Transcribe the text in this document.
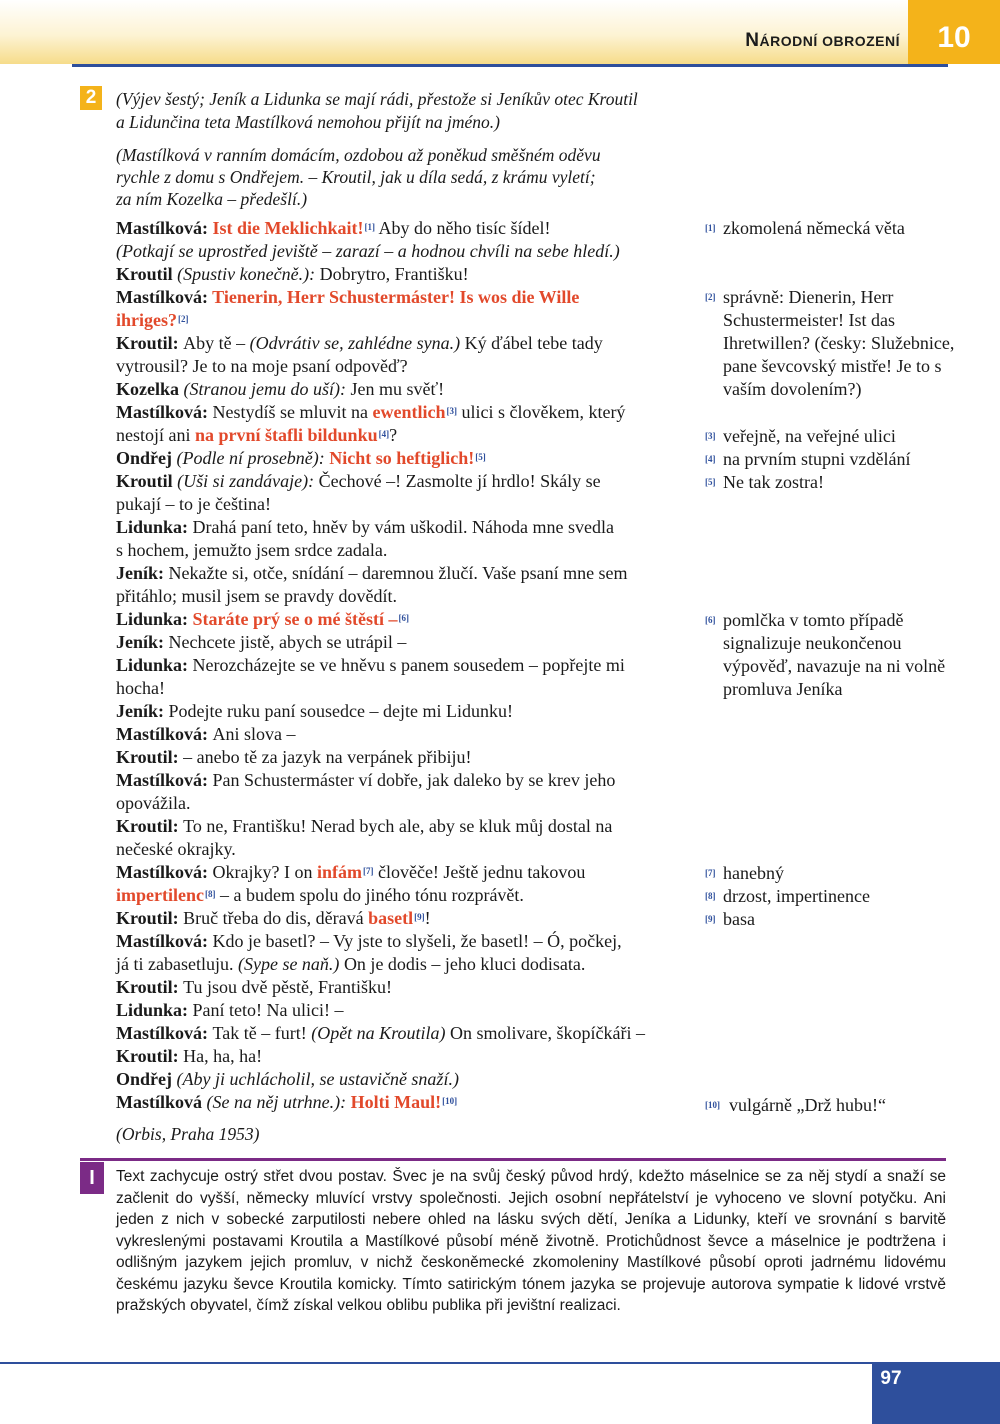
NÁRODNÍ OBROZENÍ	10
2	(Výjev šestý; Jeník a Lidunka se mají rádi, přestože si Jeníkův otec Kroutil
a Lidunčina teta Mastílková nemohou přijít na jméno.)
(Mastílková v ranním domácím, ozdobou až poněkud směšném oděvu
rychle z domu s Ondřejem. – Kroutil, jak u díla sedá, z krámu vyletí;
za ním Kozelka – předešlí.)
Mastílková: Ist die Meklichkait![1] Aby do něho tisíc šídel!
(Potkají se uprostřed jeviště – zarazí – a hodnou chvíli na sebe hledí.)
Kroutil (Spustiv konečně.): Dobrytro, Františku!
Mastílková: Tienerin, Herr Schustermáster! Is wos die Wille
ihriges?[2]
Kroutil: Aby tě – (Odvrátiv se, zahlédne syna.) Ký ďábel tebe tady
vytrousil? Je to na moje psaní odpověď?
Kozelka (Stranou jemu do uší): Jen mu svěť!
Mastílková: Nestydíš se mluvit na ewentlich[3] ulici s člověkem, který
nestojí ani na první štafli bildunku[4]?
Ondřej (Podle ní prosebně): Nicht so heftiglich![5]
Kroutil (Uši si zandávaje): Čechové –! Zasmolte jí hrdlo! Skály se
pukají – to je čeština!
Lidunka: Drahá paní teto, hněv by vám uškodil. Náhoda mne svedla
s hochem, jemužto jsem srdce zadala.
Jeník: Nekažte si, otče, snídání – daremnou žlučí. Vaše psaní mne sem
přitáhlo; musil jsem se pravdy dovědít.
Lidunka: Staráte prý se o mé štěstí –[6]
Jeník: Nechcete jistě, abych se utrápil –
Lidunka: Nerozcházejte se ve hněvu s panem sousedem – popřejte mi
hocha!
Jeník: Podejte ruku paní sousedce – dejte mi Lidunku!
Mastílková: Ani slova –
Kroutil: – anebo tě za jazyk na verpánek přibiju!
Mastílková: Pan Schustermáster ví dobře, jak daleko by se krev jeho
opovážila.
Kroutil: To ne, Františku! Nerad bych ale, aby se kluk můj dostal na
nečeské okrajky.
Mastílková: Okrajky? I on infám[7] člověče! Ještě jednu takovou
impertilenc[8] – a budem spolu do jiného tónu rozprávět.
Kroutil: Bruč třeba do dis, děravá basetl[9]!
Mastílková: Kdo je basetl? – Vy jste to slyšeli, že basetl! – Ó, počkej,
já ti zabasetluju. (Sype se naň.) On je dodis – jeho kluci dodisata.
Kroutil: Tu jsou dvě pěstě, Františku!
Lidunka: Paní teto! Na ulici! –
Mastílková: Tak tě – furt! (Opět na Kroutila) On smolivare, škopíčkáři –
Kroutil: Ha, ha, ha!
Ondřej (Aby ji uchlácholil, se ustavičně snaží.)
Mastílková (Se na něj utrhne.): Holti Maul![10]
[1] zkomolená německá věta
[2] správně: Dienerin, Herr Schustermeister! Ist das Ihretwillen? (česky: Služebnice, pane ševcovský mistře! Je to s vaším dovolením?)
[3] veřejně, na veřejné ulici
[4] na prvním stupni vzdělání
[5] Ne tak zostra!
[6] pomlčka v tomto případě signalizuje neukončenou výpověď, navazuje na ni volně promluva Jeníka
[7] hanebný
[8] drzost, impertinence
[9] basa
[10] vulgárně „Drž hubu!“
(Orbis, Praha 1953)
I	Text zachycuje ostrý střet dvou postav. Švec je na svůj český původ hrdý, kdežto máselnice se za něj stydí a snaží se začlenit do vyšší, německy mluvící vrstvy společnosti. Jejich osobní nepřátelství je vyhoceno ve slovní potyčku. Ani jeden z nich v sobecké zarputilosti nebere ohled na lásku svých dětí, Jeníka a Lidunky, kteří ve srovnání s barvitě vykreslenými postavami Kroutila a Mastílkové působí méně životně. Protichůdnost ševce a máselnice je podtržena i odlišným jazykem jejich promluv, v nichž českoněmecké zkomoleniny Mastílkové působí oproti jadrnému lidovému českému jazyku ševce Kroutila komicky. Tímto satirickým tónem jazyka se projevuje autorova sympatie k lidové vrstvě pražských obyvatel, čímž získal velkou oblibu publika při jevištní realizaci.
97
